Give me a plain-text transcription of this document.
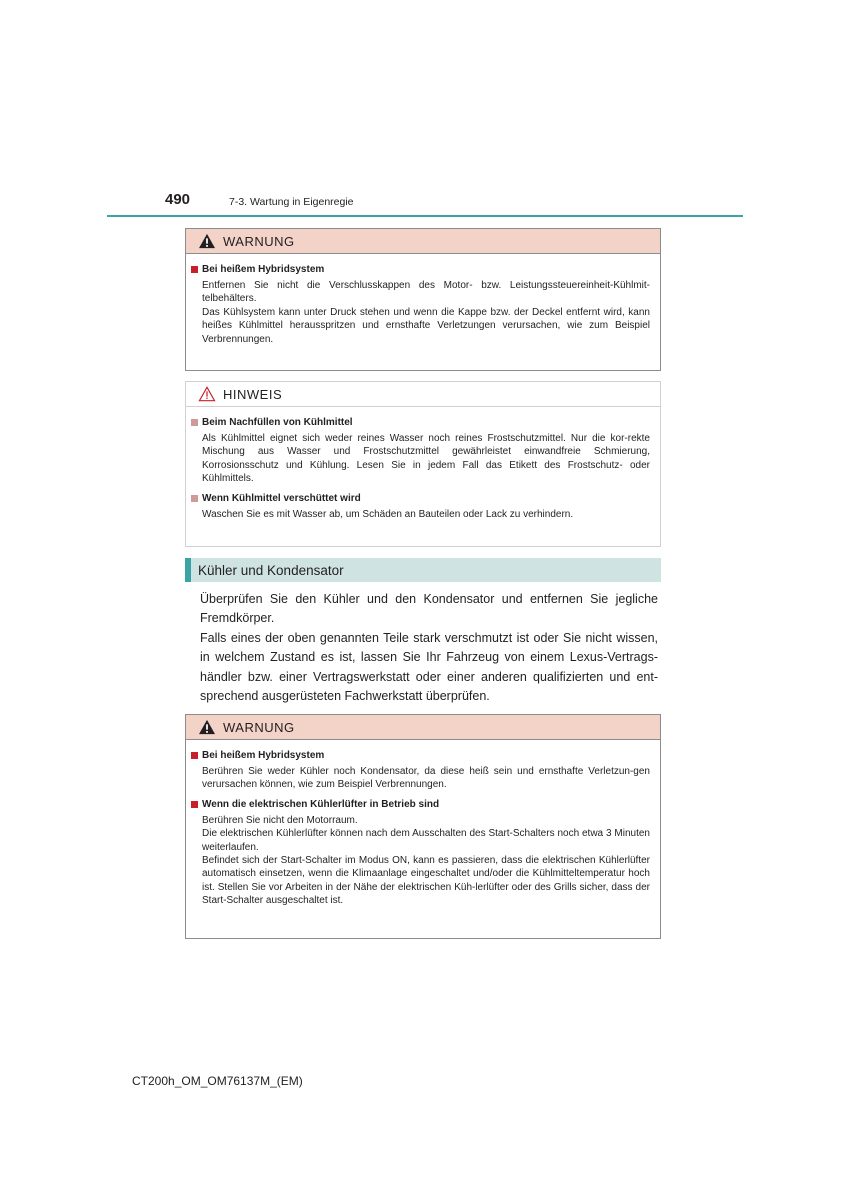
490	7-3. Wartung in Eigenregie
WARNUNG
Bei heißem Hybridsystem

Entfernen Sie nicht die Verschlusskappen des Motor- bzw. Leistungssteuereinheit-Kühlmit-telbehälters.

Das Kühlsystem kann unter Druck stehen und wenn die Kappe bzw. der Deckel entfernt wird, kann heißes Kühlmittel herausspritzen und ernsthafte Verletzungen verursachen, wie zum Beispiel Verbrennungen.

HINWEIS
Beim Nachfüllen von Kühlmittel

Als Kühlmittel eignet sich weder reines Wasser noch reines Frostschutzmittel. Nur die kor-rekte Mischung aus Wasser und Frostschutzmittel gewährleistet einwandfreie Schmierung, Korrosionsschutz und Kühlung. Lesen Sie in jedem Fall das Etikett des Frostschutz- oder Kühlmittels.

Wenn Kühlmittel verschüttet wird

Waschen Sie es mit Wasser ab, um Schäden an Bauteilen oder Lack zu verhindern.

Kühler und Kondensator

Überprüfen Sie den Kühler und den Kondensator und entfernen Sie jegliche Fremdkörper.

Falls eines der oben genannten Teile stark verschmutzt ist oder Sie nicht wissen, in welchem Zustand es ist, lassen Sie Ihr Fahrzeug von einem Lexus-Vertrags-händler bzw. einer Vertragswerkstatt oder einer anderen qualifizierten und ent-sprechend ausgerüsteten Fachwerkstatt überprüfen.

WARNUNG
Bei heißem Hybridsystem

Berühren Sie weder Kühler noch Kondensator, da diese heiß sein und ernsthafte Verletzun-gen verursachen können, wie zum Beispiel Verbrennungen.

Wenn die elektrischen Kühlerlüfter in Betrieb sind

Berühren Sie nicht den Motorraum.

Die elektrischen Kühlerlüfter können nach dem Ausschalten des Start-Schalters noch etwa 3 Minuten weiterlaufen.

Befindet sich der Start-Schalter im Modus ON, kann es passieren, dass die elektrischen Kühlerlüfter automatisch einsetzen, wenn die Klimaanlage eingeschaltet und/oder die Kühlmitteltemperatur hoch ist. Stellen Sie vor Arbeiten in der Nähe der elektrischen Küh-lerlüfter oder des Grills sicher, dass der Start-Schalter ausgeschaltet ist.

CT200h_OM_OM76137M_(EM)
